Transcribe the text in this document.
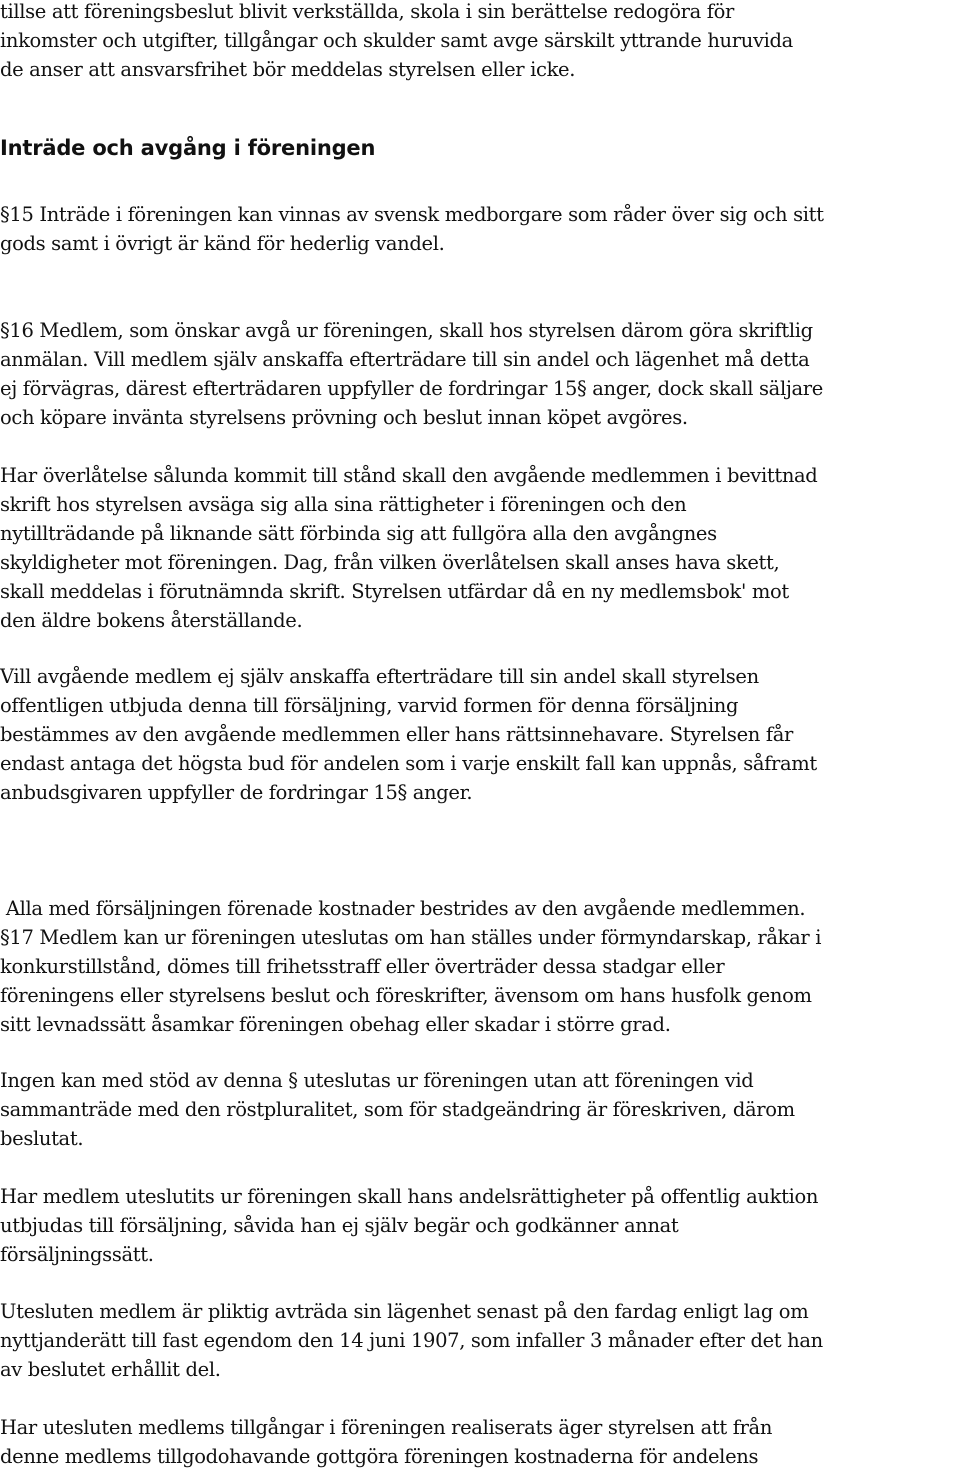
tillse att föreningsbeslut blivit verkställda, skola i sin berättelse redogöra för
inkomster och utgifter, tillgångar och skulder samt avge särskilt yttrande huruvida
de anser att ansvarsfrihet bör meddelas styrelsen eller icke.

Inträde och avgång i föreningen

§15 Inträde i föreningen kan vinnas av svensk medborgare som råder över sig och sitt
gods samt i övrigt är känd för hederlig vandel.

§16 Medlem, som önskar avgå ur föreningen, skall hos styrelsen därom göra skriftlig
anmälan. Vill medlem själv anskaffa efterträdare till sin andel och lägenhet må detta
ej förvägras, därest efterträdaren uppfyller de fordringar 15§ anger, dock skall säljare
och köpare invänta styrelsens prövning och beslut innan köpet avgöres.

Har överlåtelse sålunda kommit till stånd skall den avgående medlemmen i bevittnad
skrift hos styrelsen avsäga sig alla sina rättigheter i föreningen och den
nytillträdande på liknande sätt förbinda sig att fullgöra alla den avgångnes
skyldigheter mot föreningen. Dag, från vilken överlåtelsen skall anses hava skett,
skall meddelas i förutnämnda skrift. Styrelsen utfärdar då en ny medlemsbok' mot
den äldre bokens återställande.

Vill avgående medlem ej själv anskaffa efterträdare till sin andel skall styrelsen
offentligen utbjuda denna till försäljning, varvid formen för denna försäljning
bestämmes av den avgående medlemmen eller hans rättsinnehavare. Styrelsen får
endast antaga det högsta bud för andelen som i varje enskilt fall kan uppnås, såframt
anbudsgivaren uppfyller de fordringar 15§ anger.

Alla med försäljningen förenade kostnader bestrides av den avgående medlemmen.

§17 Medlem kan ur föreningen uteslutas om han ställes under förmyndarskap, råkar i
konkurstillstånd, dömes till frihetsstraff eller överträder dessa stadgar eller
föreningens eller styrelsens beslut och föreskrifter, ävensom om hans husfolk genom
sitt levnadssätt åsamkar föreningen obehag eller skadar i större grad.

Ingen kan med stöd av denna § uteslutas ur föreningen utan att föreningen vid
sammanträde med den röstpluralitet, som för stadgeändring är föreskriven, därom
beslutat.

Har medlem uteslutits ur föreningen skall hans andelsrättigheter på offentlig auktion
utbjudas till försäljning, såvida han ej själv begär och godkänner annat
försäljningssätt.

Utesluten medlem är pliktig avträda sin lägenhet senast på den fardag enligt lag om
nyttjanderätt till fast egendom den 14 juni 1907, som infaller 3 månader efter det han
av beslutet erhållit del.

Har utesluten medlems tillgångar i föreningen realiserats äger styrelsen att från
denne medlems tillgodohavande gottgöra föreningen kostnaderna för andelens
